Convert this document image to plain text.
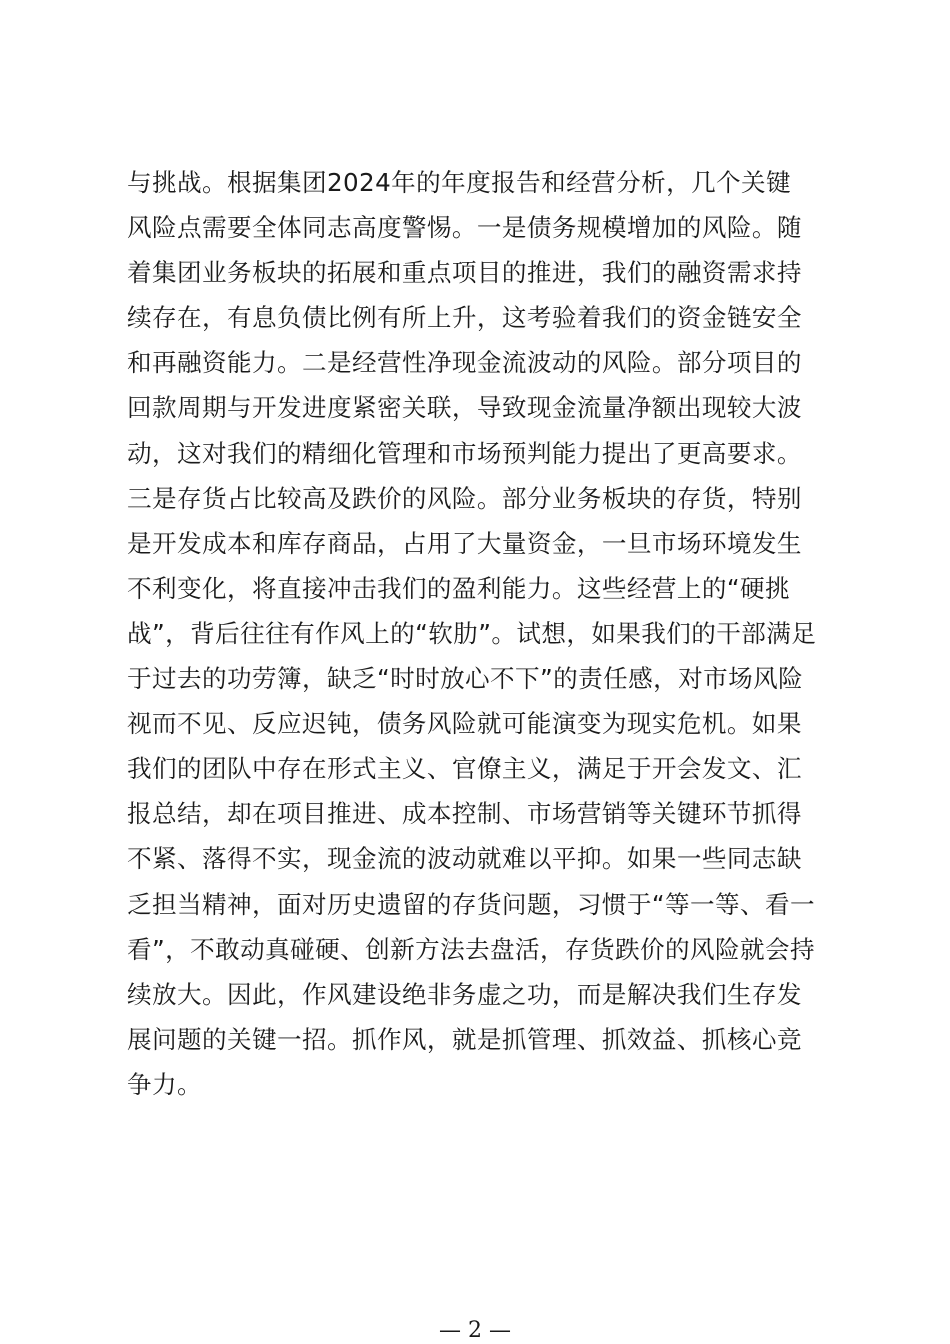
与挑战。根据集团2024年的年度报告和经营分析，几个关键
风险点需要全体同志高度警惕。一是债务规模增加的风险。随
着集团业务板块的拓展和重点项目的推进，我们的融资需求持
续存在，有息负债比例有所上升，这考验着我们的资金链安全
和再融资能力。二是经营性净现金流波动的风险。部分项目的
回款周期与开发进度紧密关联，导致现金流量净额出现较大波
动，这对我们的精细化管理和市场预判能力提出了更高要求。
三是存货占比较高及跌价的风险。部分业务板块的存货，特别
是开发成本和库存商品，占用了大量资金，一旦市场环境发生
不利变化，将直接冲击我们的盈利能力。这些经营上的“硬挑
战”，背后往往有作风上的“软肋”。试想，如果我们的干部满足
于过去的功劳簿，缺乏“时时放心不下”的责任感，对市场风险
视而不见、反应迟钝，债务风险就可能演变为现实危机。如果
我们的团队中存在形式主义、官僚主义，满足于开会发文、汇
报总结，却在项目推进、成本控制、市场营销等关键环节抓得
不紧、落得不实，现金流的波动就难以平抑。如果一些同志缺
乏担当精神，面对历史遗留的存货问题，习惯于“等一等、看一
看”，不敢动真碰硬、创新方法去盘活，存货跌价的风险就会持
续放大。因此，作风建设绝非务虚之功，而是解决我们生存发
展问题的关键一招。抓作风，就是抓管理、抓效益、抓核心竞
争力。
— 2 —
